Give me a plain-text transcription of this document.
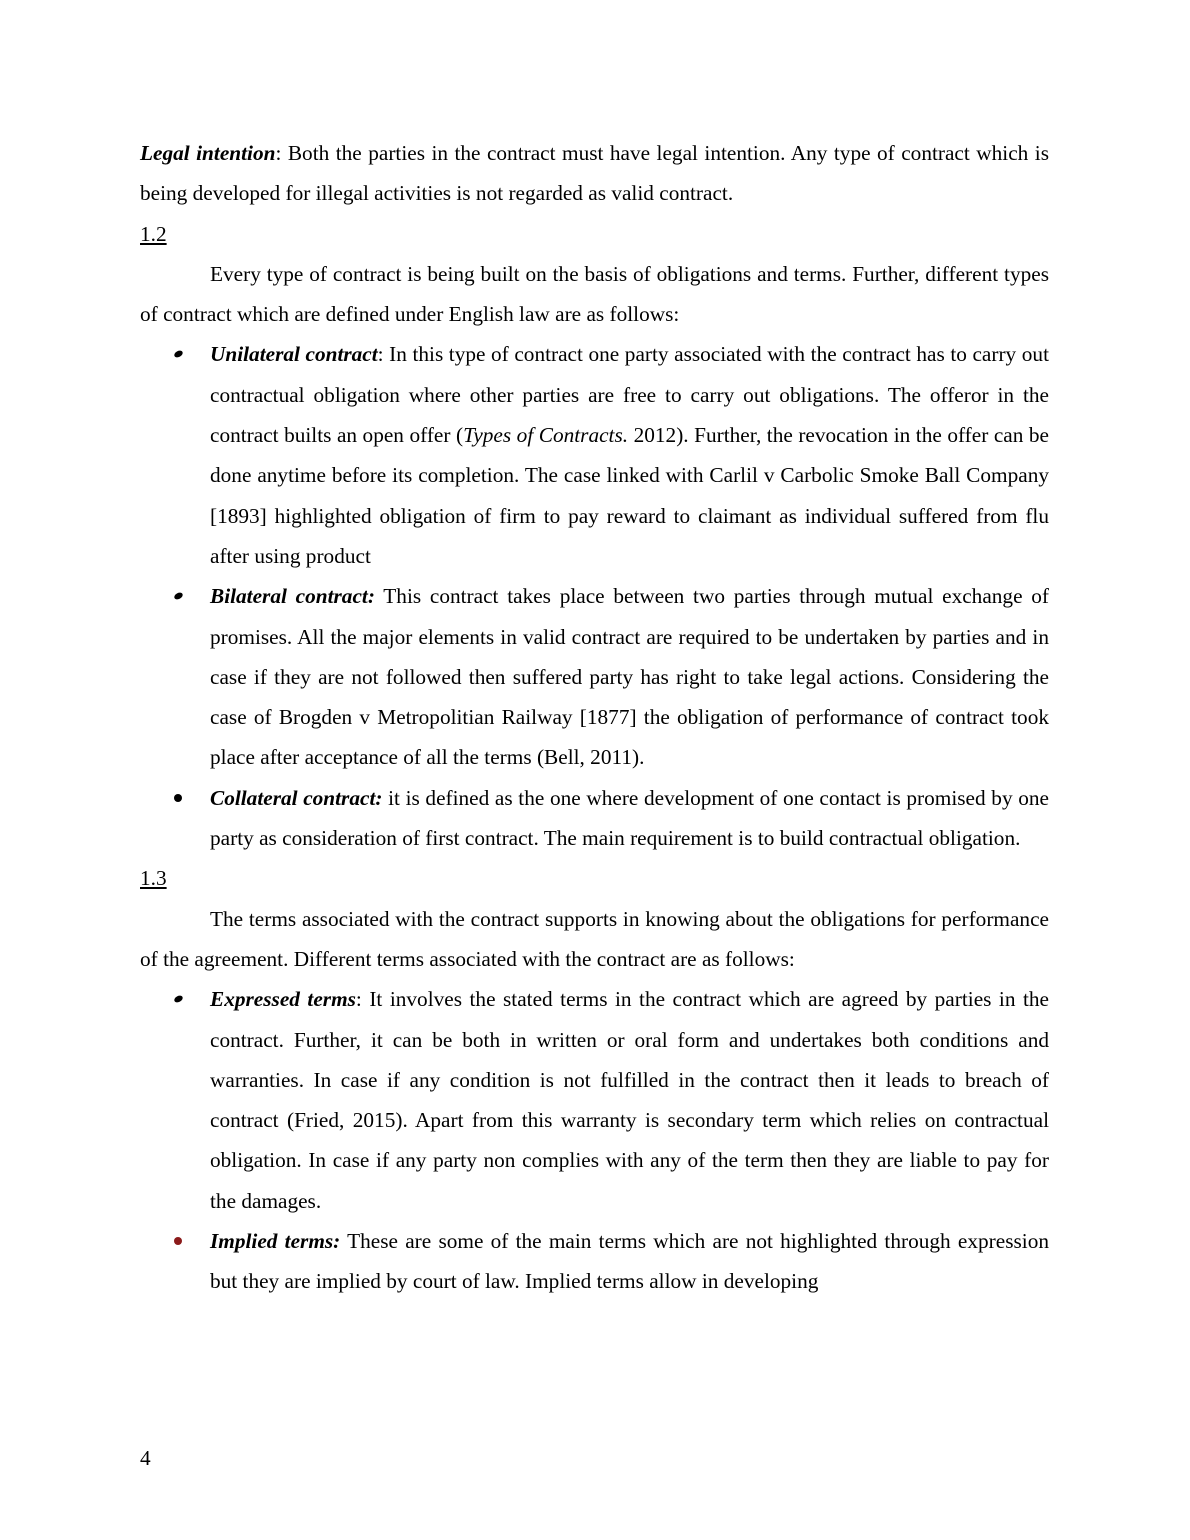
Legal intention: Both the parties in the contract must have legal intention. Any type of contract which is being developed for illegal activities is not regarded as valid contract.

1.2

Every type of contract is being built on the basis of obligations and terms. Further, different types of contract which are defined under English law are as follows:

Unilateral contract: In this type of contract one party associated with the contract has to carry out contractual obligation where other parties are free to carry out obligations. The offeror in the contract builts an open offer (Types of Contracts. 2012). Further, the revocation in the offer can be done anytime before its completion. The case linked with Carlil v Carbolic Smoke Ball Company [1893] highlighted obligation of firm to pay reward to claimant as individual suffered from flu after using product
Bilateral contract: This contract takes place between two parties through mutual exchange of promises. All the major elements in valid contract are required to be undertaken by parties and in case if they are not followed then suffered party has right to take legal actions. Considering the case of Brogden v Metropolitian Railway [1877] the obligation of performance of contract took place after acceptance of all the terms (Bell, 2011).
Collateral contract: it is defined as the one where development of one contact is promised by one party as consideration of first contract. The main requirement is to build contractual obligation.
1.3

The terms associated with the contract supports in knowing about the obligations for performance of the agreement. Different terms associated with the contract are as follows:

Expressed terms: It involves the stated terms in the contract which are agreed by parties in the contract. Further, it can be both in written or oral form and undertakes both conditions and warranties. In case if any condition is not fulfilled in the contract then it leads to breach of contract (Fried, 2015). Apart from this warranty is secondary term which relies on contractual obligation. In case if any party non complies with any of the term then they are liable to pay for the damages.
Implied terms: These are some of the main terms which are not highlighted through expression but they are implied by court of law. Implied terms allow in developing
4
